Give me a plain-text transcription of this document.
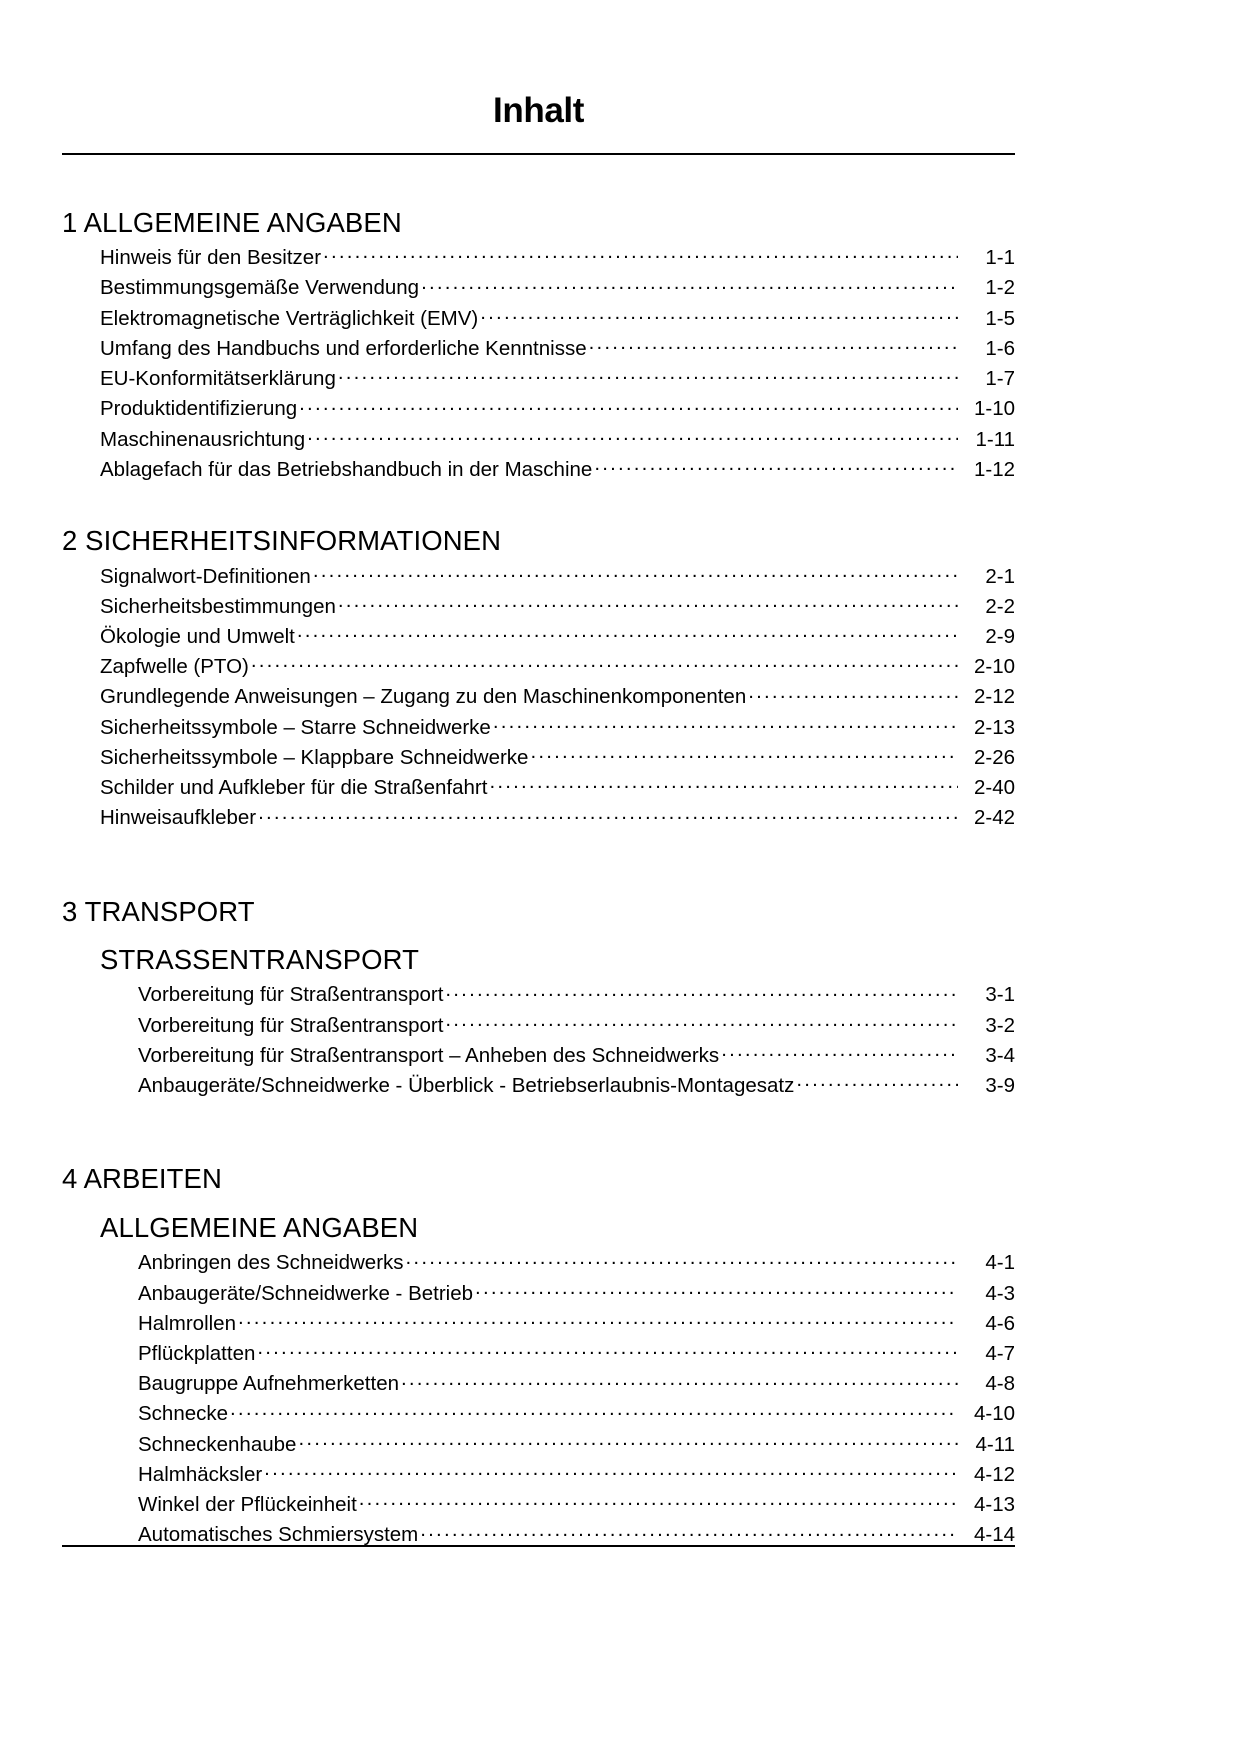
Inhalt
1 ALLGEMEINE ANGABEN
Hinweis für den Besitzer .....	1-1
Bestimmungsgemäße Verwendung .....	1-2
Elektromagnetische Verträglichkeit (EMV) .....	1-5
Umfang des Handbuchs und erforderliche Kenntnisse .....	1-6
EU-Konformitätserklärung .....	1-7
Produktidentifizierung .....	1-10
Maschinenausrichtung .....	1-11
Ablagefach für das Betriebshandbuch in der Maschine .....	1-12
2 SICHERHEITSINFORMATIONEN
Signalwort-Definitionen .....	2-1
Sicherheitsbestimmungen .....	2-2
Ökologie und Umwelt .....	2-9
Zapfwelle (PTO) .....	2-10
Grundlegende Anweisungen – Zugang zu den Maschinenkomponenten .....	2-12
Sicherheitssymbole – Starre Schneidwerke .....	2-13
Sicherheitssymbole – Klappbare Schneidwerke .....	2-26
Schilder und Aufkleber für die Straßenfahrt .....	2-40
Hinweisaufkleber .....	2-42
3 TRANSPORT
STRASSENTRANSPORT
Vorbereitung für Straßentransport .....	3-1
Vorbereitung für Straßentransport .....	3-2
Vorbereitung für Straßentransport – Anheben des Schneidwerks .....	3-4
Anbaugeräte/Schneidwerke - Überblick - Betriebserlaubnis-Montagesatz .....	3-9
4 ARBEITEN
ALLGEMEINE ANGABEN
Anbringen des Schneidwerks .....	4-1
Anbaugeräte/Schneidwerke - Betrieb .....	4-3
Halmrollen .....	4-6
Pflückplatten .....	4-7
Baugruppe Aufnehmerketten .....	4-8
Schnecke .....	4-10
Schneckenhaube .....	4-11
Halmhäcksler .....	4-12
Winkel der Pflückeinheit .....	4-13
Automatisches Schmiersystem .....	4-14
